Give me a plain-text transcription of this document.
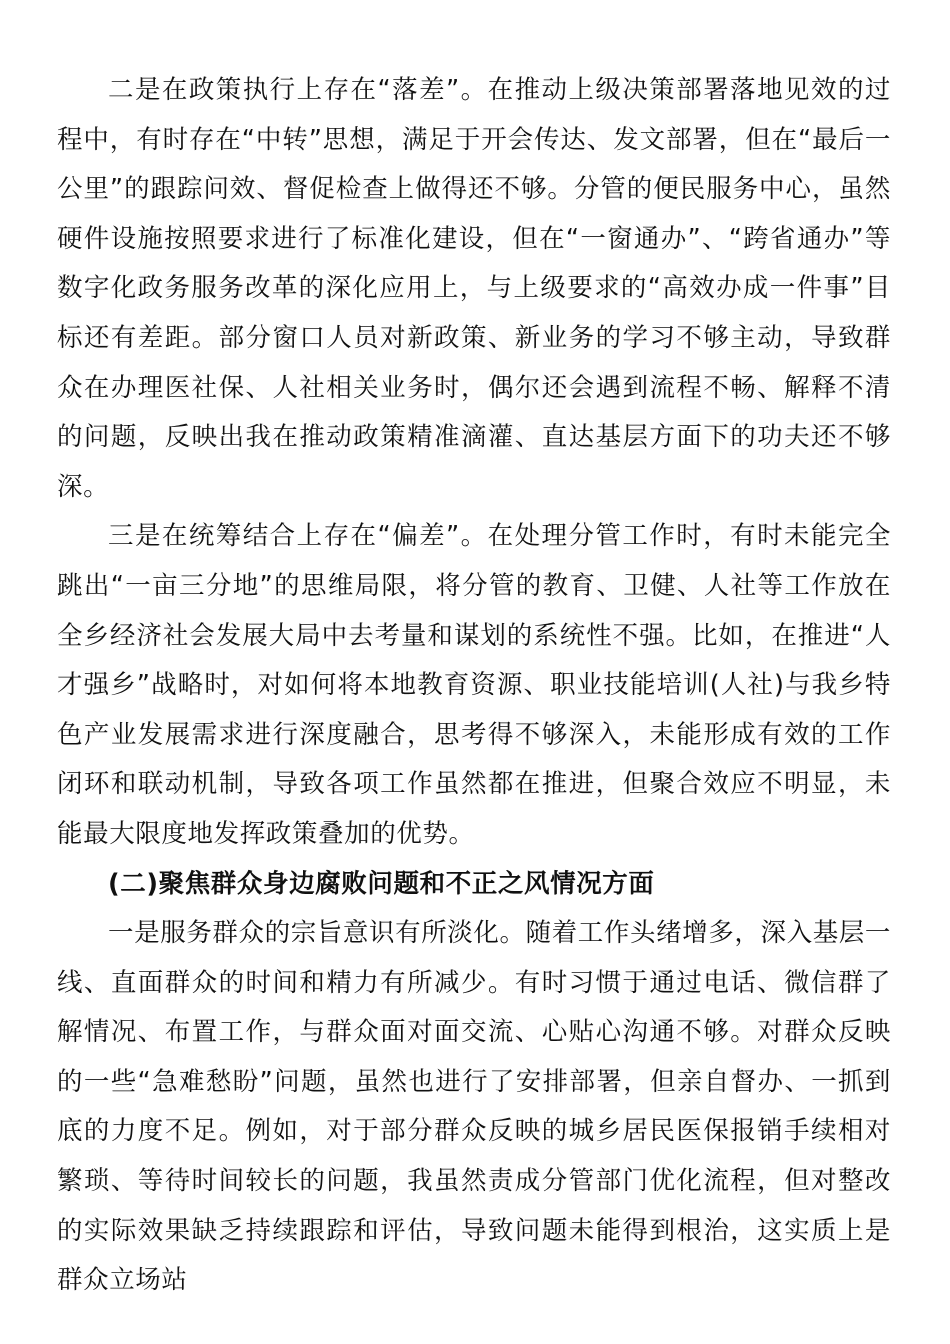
二是在政策执行上存在“落差”。在推动上级决策部署落地见效的过程中，有时存在“中转”思想，满足于开会传达、发文部署，但在“最后一公里”的跟踪问效、督促检查上做得还不够。分管的便民服务中心，虽然硬件设施按照要求进行了标准化建设，但在“一窗通办”、“跨省通办”等数字化政务服务改革的深化应用上，与上级要求的“高效办成一件事”目标还有差距。部分窗口人员对新政策、新业务的学习不够主动，导致群众在办理医社保、人社相关业务时，偶尔还会遇到流程不畅、解释不清的问题，反映出我在推动政策精准滴灌、直达基层方面下的功夫还不够深。

三是在统筹结合上存在“偏差”。在处理分管工作时，有时未能完全跳出“一亩三分地”的思维局限，将分管的教育、卫健、人社等工作放在全乡经济社会发展大局中去考量和谋划的系统性不强。比如，在推进“人才强乡”战略时，对如何将本地教育资源、职业技能培训(人社)与我乡特色产业发展需求进行深度融合，思考得不够深入，未能形成有效的工作闭环和联动机制，导致各项工作虽然都在推进，但聚合效应不明显，未能最大限度地发挥政策叠加的优势。

(二)聚焦群众身边腐败问题和不正之风情况方面

一是服务群众的宗旨意识有所淡化。随着工作头绪增多，深入基层一线、直面群众的时间和精力有所减少。有时习惯于通过电话、微信群了解情况、布置工作，与群众面对面交流、心贴心沟通不够。对群众反映的一些“急难愁盼”问题，虽然也进行了安排部署，但亲自督办、一抓到底的力度不足。例如，对于部分群众反映的城乡居民医保报销手续相对繁琐、等待时间较长的问题，我虽然责成分管部门优化流程，但对整改的实际效果缺乏持续跟踪和评估，导致问题未能得到根治，这实质上是群众立场站
